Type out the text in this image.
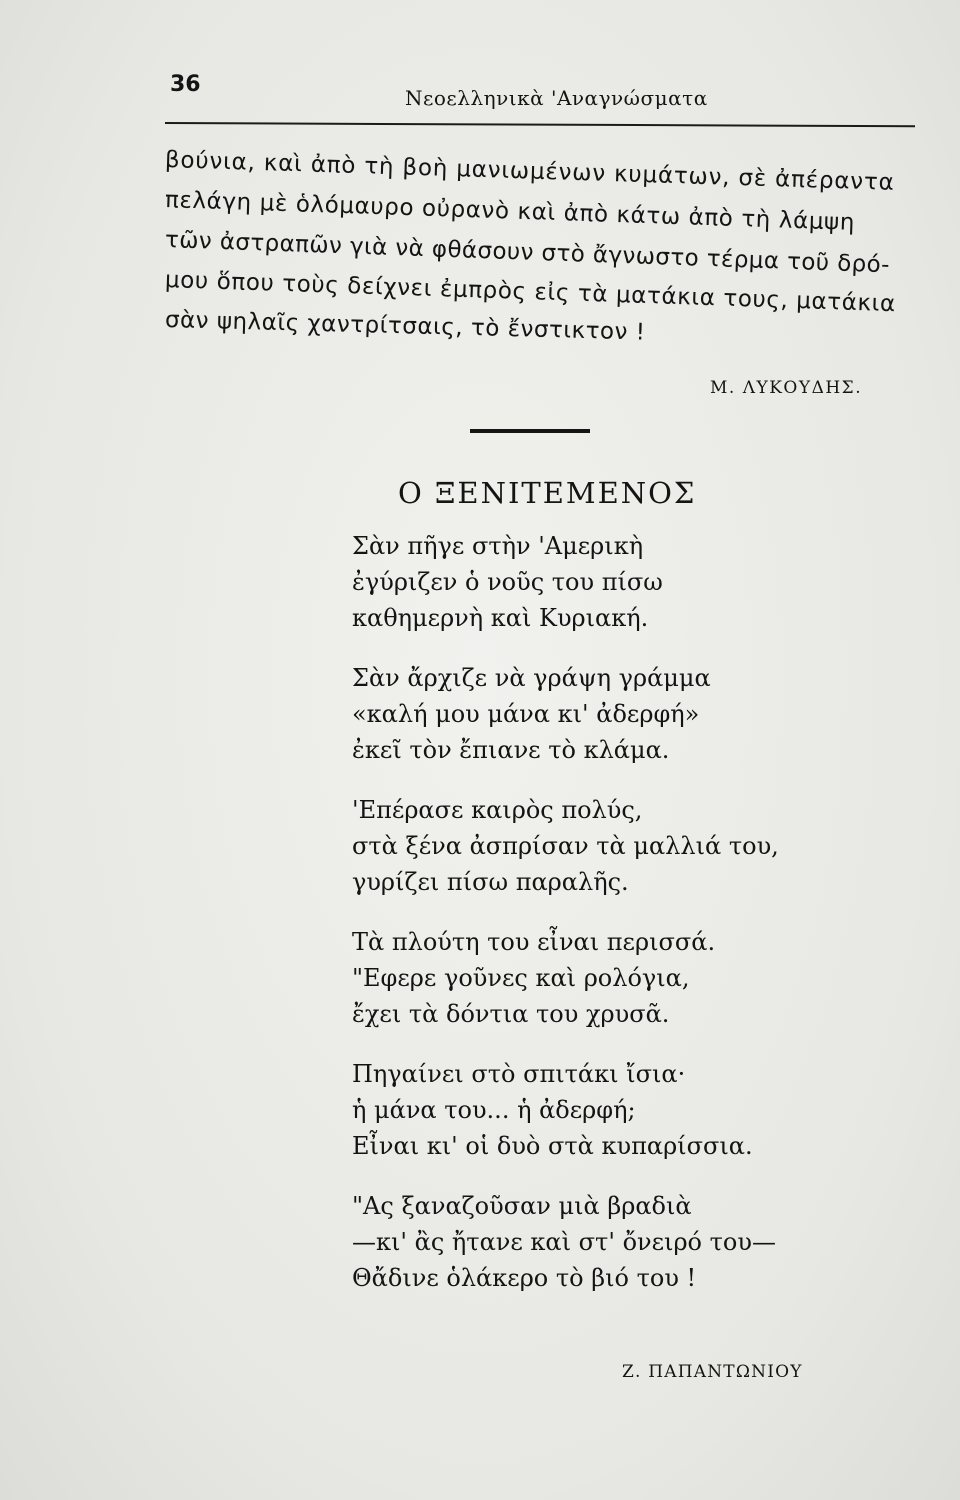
36
Νεοελληνικὰ 'Αναγνώσματα

βούνια, καὶ ἀπὸ τὴ βοὴ μανιωμένων κυμάτων, σὲ ἀπέραντα
πελάγη μὲ ὁλόμαυρο οὐρανὸ καὶ ἀπὸ κάτω ἀπὸ τὴ λάμψη
τῶν ἀστραπῶν γιὰ νὰ φθάσουν στὸ ἄγνωστο τέρμα τοῦ δρό-
μου ὅπου τοὺς δείχνει ἐμπρὸς εἰς τὰ ματάκια τους, ματάκια
σὰν ψηλαῖς χαντρίτσαις, τὸ ἔνστικτον !

Μ. ΛΥΚΟΥΔΗΣ.
Ο ΞΕΝΙΤΕΜΕΝΟΣ
Σὰν πῆγε στὴν 'Αμερικὴ
ἐγύριζεν ὁ νοῦς του πίσω
καθημερνὴ καὶ Κυριακή.
Σὰν ἄρχιζε νὰ γράψη γράμμα
«καλή μου μάνα κι' ἀδερφή»
ἐκεῖ τὸν ἔπιανε τὸ κλάμα.
'Επέρασε καιρὸς πολύς,
στὰ ξένα ἀσπρίσαν τὰ μαλλιά του,
γυρίζει πίσω παραλῆς.
Τὰ πλούτη του εἶναι περισσά.
"Εφερε γοῦνες καὶ ρολόγια,
ἔχει τὰ δόντια του χρυσᾶ.
Πηγαίνει στὸ σπιτάκι ἴσια·
ἡ μάνα του... ἡ ἀδερφή;
Εἶναι κι' οἱ δυὸ στὰ κυπαρίσσια.
"Ας ξαναζοῦσαν μιὰ βραδιὰ
—κι' ἂς ἤτανε καὶ στ' ὄνειρό του—
Θἄδινε ὁλάκερο τὸ βιό του !
Ζ. ΠΑΠΑΝΤΩΝΙΟΥ
